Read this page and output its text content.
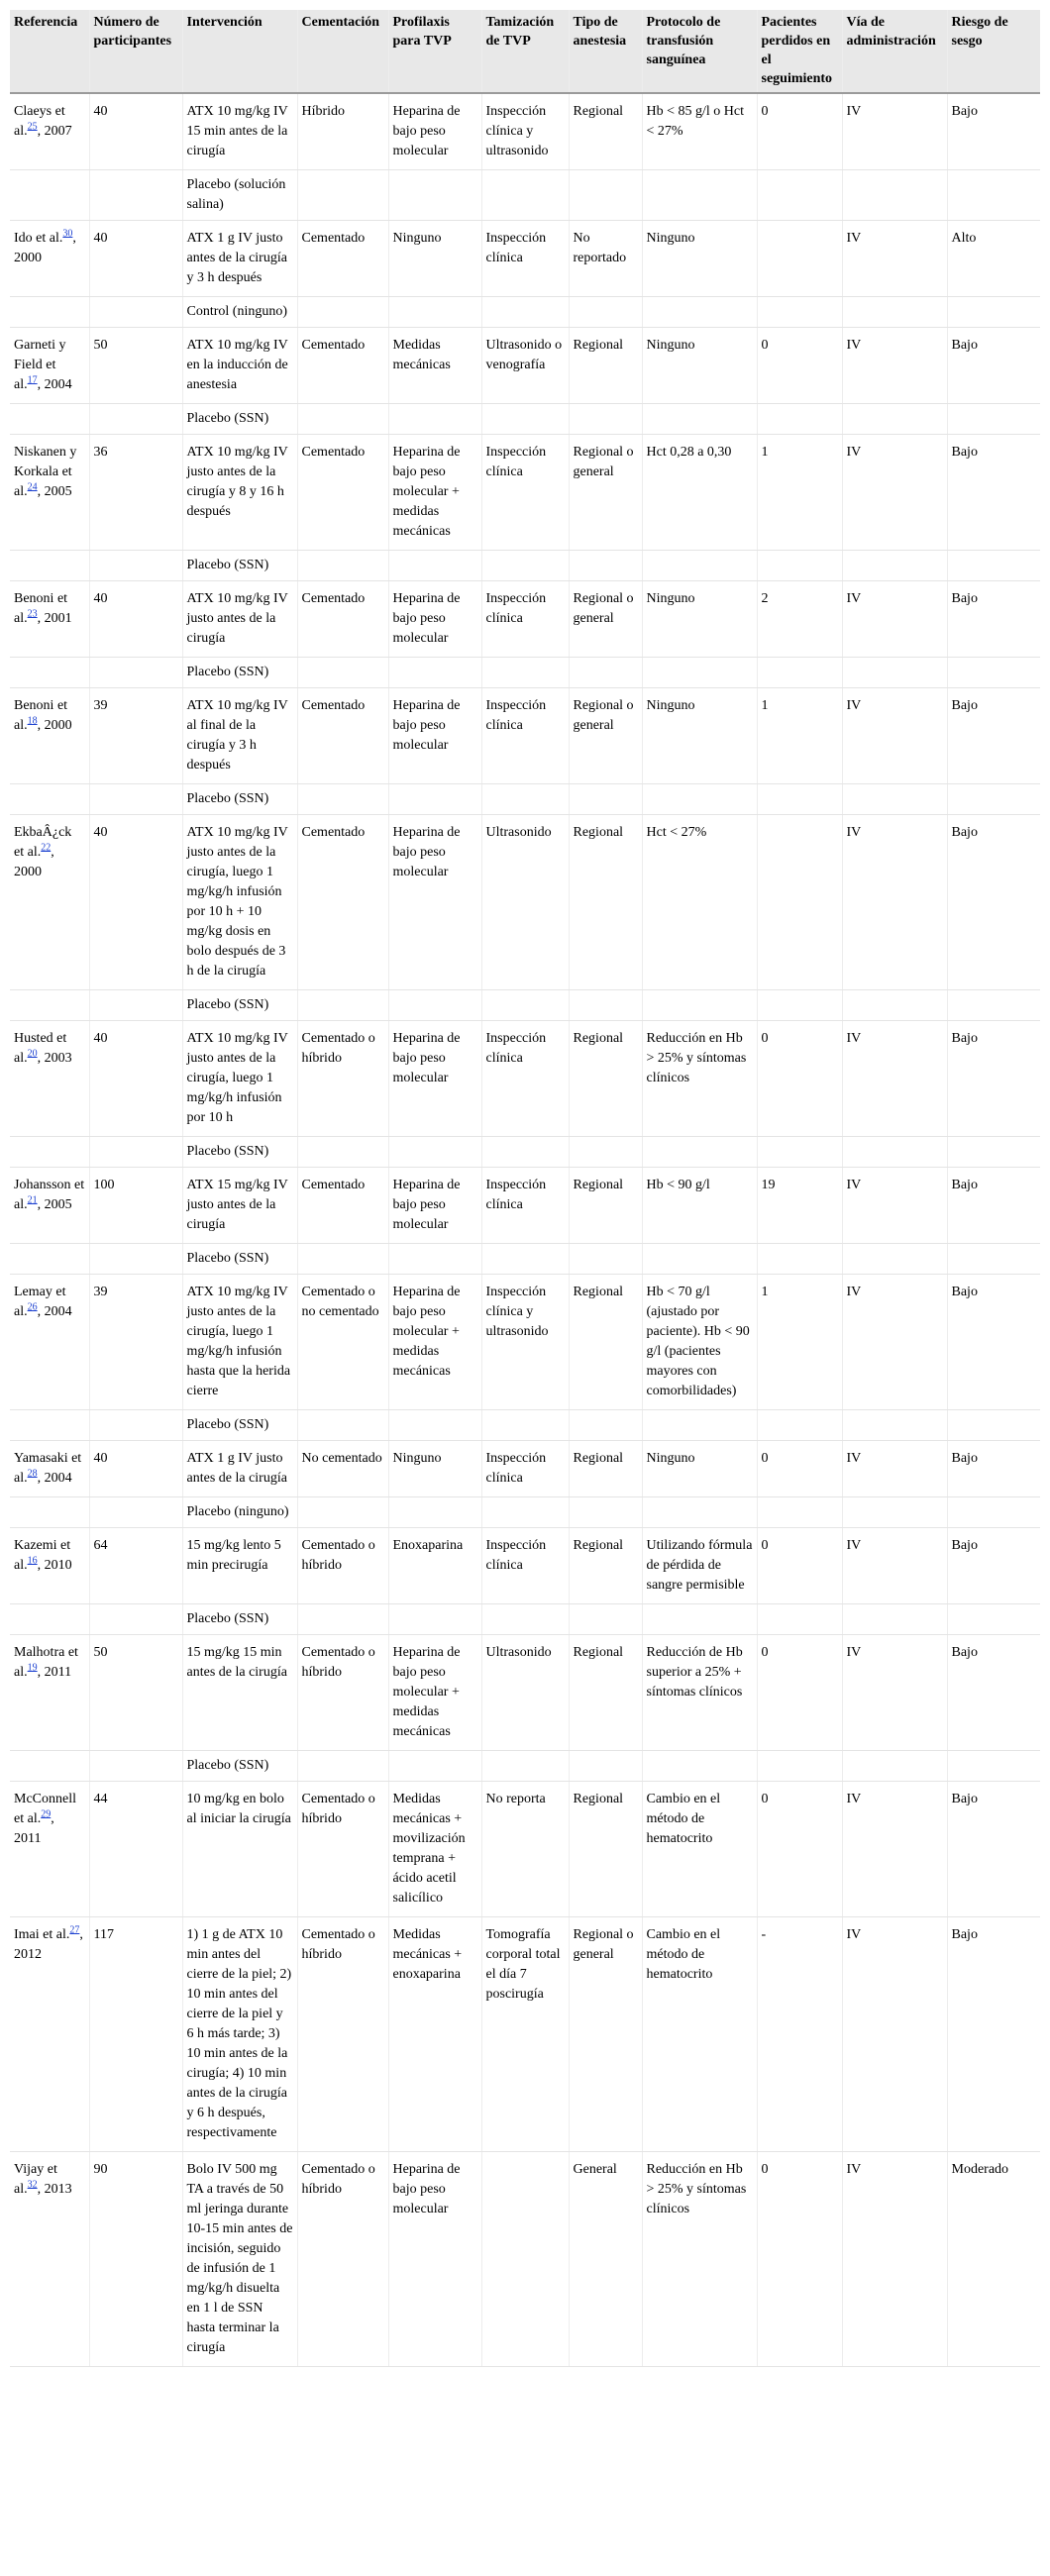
Referencia	Número de participantes	Intervención	Cementación	Profilaxis para TVP	Tamización de TVP	Tipo de anestesia	Protocolo de transfusión sanguínea	Pacientes perdidos en el seguimiento	Vía de administración	Riesgo de sesgo
Claeys et al.$^{25}$, 2007	40	ATX 10 mg/kg IV 15 min antes de la cirugía	Híbrido	Heparina de bajo peso molecular	Inspección clínica y ultrasonido	Regional	Hb < 85 g/l o Hct < 27%	0	IV	Bajo
		Placebo (solución salina)								
Ido et al.$^{30}$, 2000	40	ATX 1 g IV justo antes de la cirugía y 3 h después	Cementado	Ninguno	Inspección clínica	No reportado	Ninguno		IV	Alto
		Control (ninguno)								
Garneti y Field et al.$^{17}$, 2004	50	ATX 10 mg/kg IV en la inducción de anestesia	Cementado	Medidas mecánicas	Ultrasonido o venografía	Regional	Ninguno	0	IV	Bajo
		Placebo (SSN)								
Niskanen y Korkala et al.$^{24}$, 2005	36	ATX 10 mg/kg IV justo antes de la cirugía y 8 y 16 h después	Cementado	Heparina de bajo peso molecular + medidas mecánicas	Inspección clínica	Regional o general	Hct 0,28 a 0,30	1	IV	Bajo
		Placebo (SSN)								
Benoni et al.$^{23}$, 2001	40	ATX 10 mg/kg IV justo antes de la cirugía	Cementado	Heparina de bajo peso molecular	Inspección clínica	Regional o general	Ninguno	2	IV	Bajo
		Placebo (SSN)								
Benoni et al.$^{18}$, 2000	39	ATX 10 mg/kg IV al final de la cirugía y 3 h después	Cementado	Heparina de bajo peso molecular	Inspección clínica	Regional o general	Ninguno	1	IV	Bajo
		Placebo (SSN)								
EkbaÂ¿ck et al.$^{22}$, 2000	40	ATX 10 mg/kg IV justo antes de la cirugía, luego 1 mg/kg/h infusión por 10 h + 10 mg/kg dosis en bolo después de 3 h de la cirugía	Cementado	Heparina de bajo peso molecular	Ultrasonido	Regional	Hct < 27%		IV	Bajo
		Placebo (SSN)								
Husted et al.$^{20}$, 2003	40	ATX 10 mg/kg IV justo antes de la cirugía, luego 1 mg/kg/h infusión por 10 h	Cementado o híbrido	Heparina de bajo peso molecular	Inspección clínica	Regional	Reducción en Hb > 25% y síntomas clínicos	0	IV	Bajo
		Placebo (SSN)								
Johansson et al.$^{21}$, 2005	100	ATX 15 mg/kg IV justo antes de la cirugía	Cementado	Heparina de bajo peso molecular	Inspección clínica	Regional	Hb < 90 g/l	19	IV	Bajo
		Placebo (SSN)								
Lemay et al.$^{26}$, 2004	39	ATX 10 mg/kg IV justo antes de la cirugía, luego 1 mg/kg/h infusión hasta que la herida cierre	Cementado o no cementado	Heparina de bajo peso molecular + medidas mecánicas	Inspección clínica y ultrasonido	Regional	Hb < 70 g/l (ajustado por paciente). Hb < 90 g/l (pacientes mayores con comorbilidades)	1	IV	Bajo
		Placebo (SSN)								
Yamasaki et al.$^{28}$, 2004	40	ATX 1 g IV justo antes de la cirugía	No cementado	Ninguno	Inspección clínica	Regional	Ninguno	0	IV	Bajo
		Placebo (ninguno)								
Kazemi et al.$^{16}$, 2010	64	15 mg/kg lento 5 min precirugía	Cementado o híbrido	Enoxaparina	Inspección clínica	Regional	Utilizando fórmula de pérdida de sangre permisible	0	IV	Bajo
		Placebo (SSN)								
Malhotra et al.$^{19}$, 2011	50	15 mg/kg 15 min antes de la cirugía	Cementado o híbrido	Heparina de bajo peso molecular + medidas mecánicas	Ultrasonido	Regional	Reducción de Hb superior a 25% + síntomas clínicos	0	IV	Bajo
		Placebo (SSN)								
McConnell et al.$^{29}$, 2011	44	10 mg/kg en bolo al iniciar la cirugía	Cementado o híbrido	Medidas mecánicas + movilización temprana + ácido acetil salicílico	No reporta	Regional	Cambio en el método de hematocrito	0	IV	Bajo
Imai et al.$^{27}$, 2012	117	1) 1 g de ATX 10 min antes del cierre de la piel; 2) 10 min antes del cierre de la piel y 6 h más tarde; 3) 10 min antes de la cirugía; 4) 10 min antes de la cirugía y 6 h después, respectivamente	Cementado o híbrido	Medidas mecánicas + enoxaparina	Tomografía corporal total el día 7 poscirugía	Regional o general	Cambio en el método de hematocrito	-	IV	Bajo
Vijay et al.$^{32}$, 2013	90	Bolo IV 500 mg TA a través de 50 ml jeringa durante 10-15 min antes de incisión, seguido de infusión de 1 mg/kg/h disuelta en 1 l de SSN hasta terminar la cirugía	Cementado o híbrido	Heparina de bajo peso molecular		General	Reducción en Hb > 25% y síntomas clínicos	0	IV	Moderado
